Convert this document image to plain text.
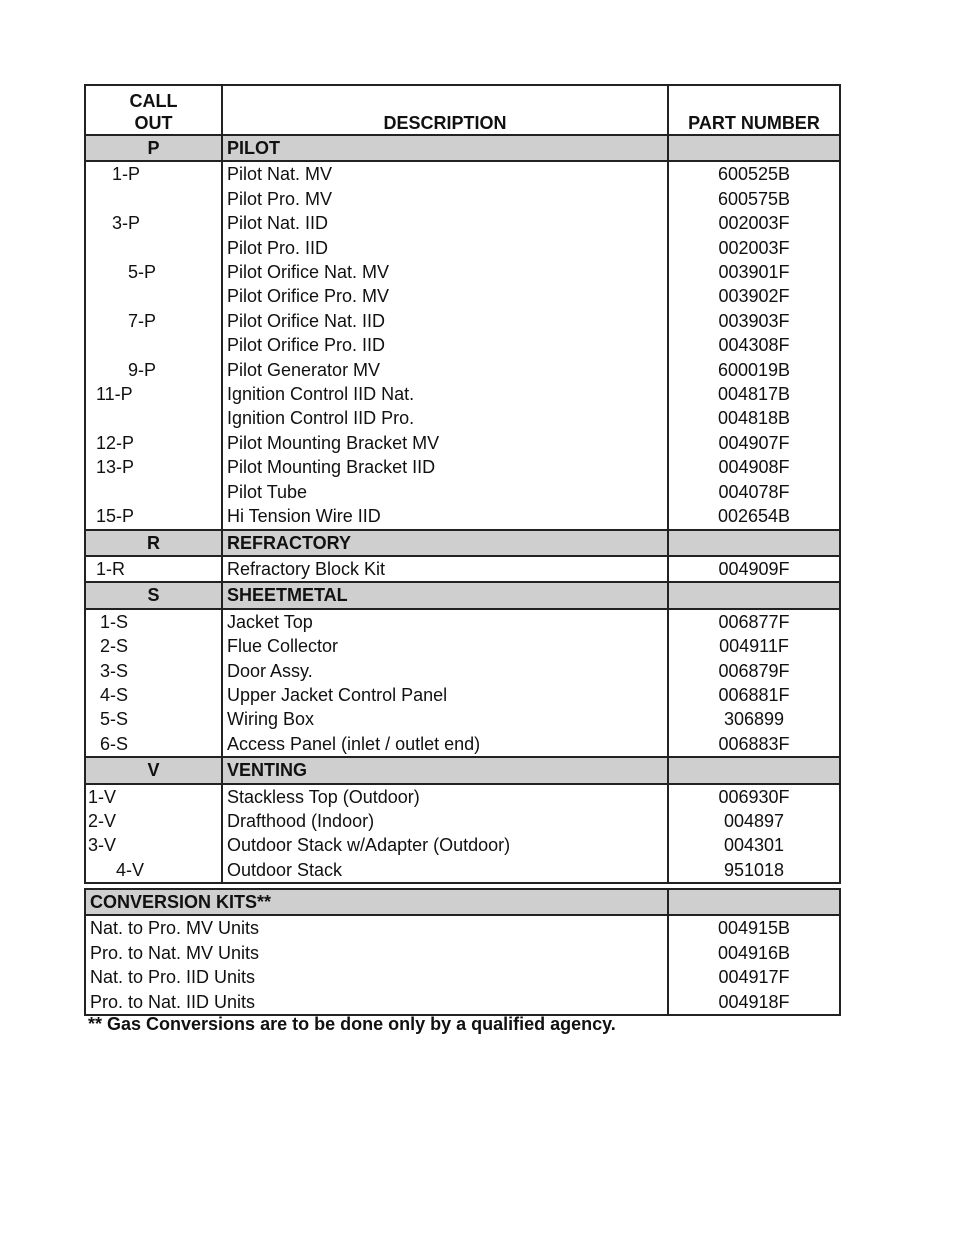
CALL
OUT	DESCRIPTION	PART NUMBER
P	PILOT	
1-P	Pilot Nat. MV	600525B
	Pilot Pro. MV	600575B
3-P	Pilot Nat. IID	002003F
	Pilot Pro. IID	002003F
5-P	Pilot Orifice Nat. MV	003901F
	Pilot Orifice Pro. MV	003902F
7-P	Pilot Orifice Nat. IID	003903F
	Pilot Orifice Pro. IID	004308F
9-P	Pilot Generator MV	600019B
11-P	Ignition Control IID Nat.	004817B
	Ignition Control IID Pro.	004818B
12-P	Pilot Mounting Bracket MV	004907F
13-P	Pilot Mounting Bracket IID	004908F
	Pilot Tube	004078F
15-P	Hi Tension Wire IID	002654B
R	REFRACTORY	
1-R	Refractory Block Kit	004909F
S	SHEETMETAL	
1-S	Jacket Top	006877F
2-S	Flue Collector	004911F
3-S	Door Assy.	006879F
4-S	Upper Jacket Control Panel	006881F
5-S	Wiring Box	306899
6-S	Access Panel (inlet / outlet end)	006883F
V	VENTING	
1-V	Stackless Top (Outdoor)	006930F
2-V	Drafthood (Indoor)	004897
3-V	Outdoor Stack w/Adapter (Outdoor)	004301
4-V	Outdoor Stack	951018
CONVERSION KITS**	
Nat. to Pro. MV Units	004915B
Pro. to Nat. MV Units	004916B
Nat. to Pro. IID Units	004917F
Pro. to Nat. IID Units	004918F
** Gas Conversions are to be done only by a qualified agency.
